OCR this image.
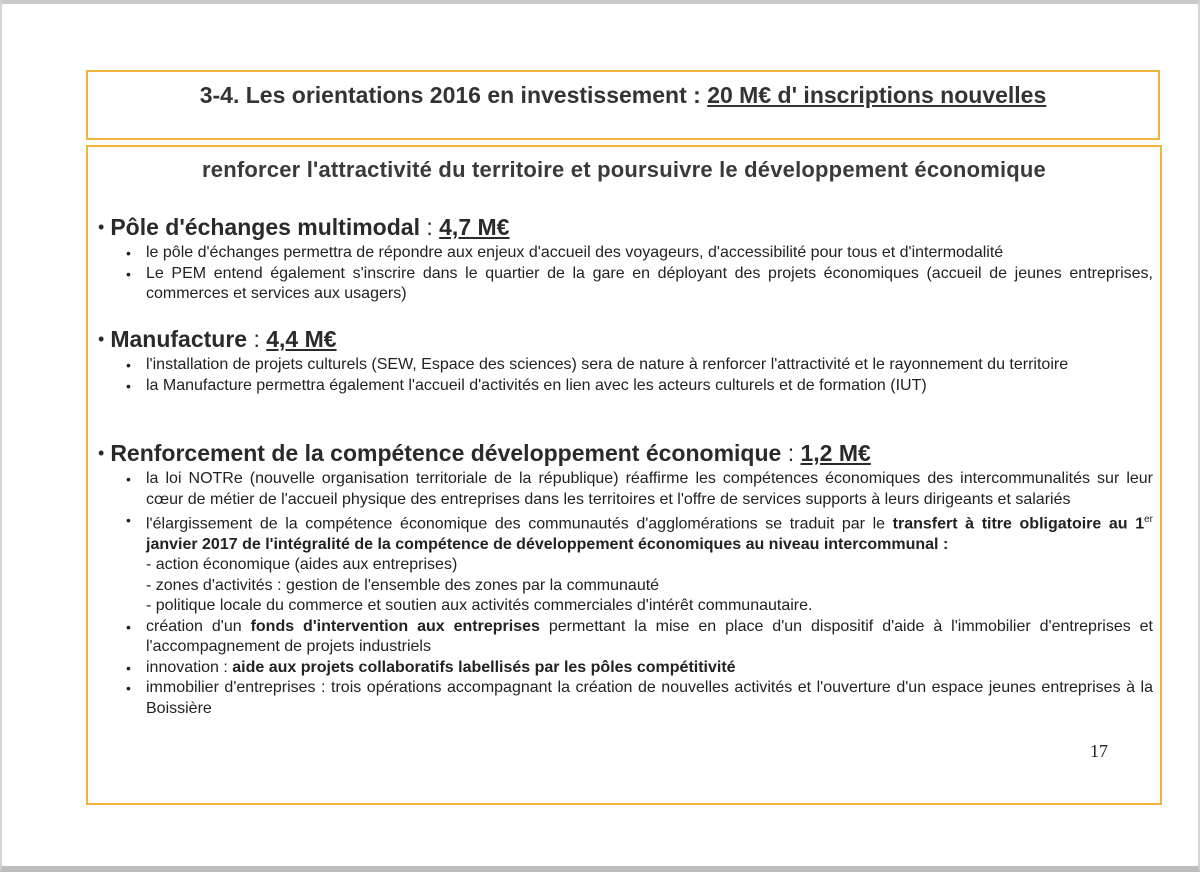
3-4. Les orientations 2016 en investissement : 20 M€ d' inscriptions nouvelles
renforcer l'attractivité du territoire et poursuivre le développement économique
• Pôle d'échanges multimodal : 4,7 M€
• le pôle d'échanges permettra de répondre aux enjeux d'accueil des voyageurs, d'accessibilité pour tous et d'intermodalité
• Le PEM entend également s'inscrire dans le quartier de la gare en déployant des projets économiques (accueil de jeunes entreprises, commerces et services aux usagers)
• Manufacture : 4,4 M€
• l'installation de projets culturels (SEW, Espace des sciences) sera de nature à renforcer l'attractivité et le rayonnement du territoire
• la Manufacture permettra également l'accueil d'activités en lien avec les acteurs culturels et de formation (IUT)
• Renforcement de la compétence développement économique : 1,2 M€
• la loi NOTRe (nouvelle organisation territoriale de la république) réaffirme les compétences économiques des intercommunalités sur leur cœur de métier de l'accueil physique des entreprises dans les territoires et l'offre de services supports à leurs dirigeants et salariés
• l'élargissement de la compétence économique des communautés d'agglomérations se traduit par le transfert à titre obligatoire au 1er janvier 2017 de l'intégralité de la compétence de développement économiques au niveau intercommunal :
- action économique (aides aux entreprises)
- zones d'activités : gestion de l'ensemble des zones par la communauté
- politique locale du commerce et soutien aux activités commerciales d'intérêt communautaire.
• création d'un fonds d'intervention aux entreprises permettant la mise en place d'un dispositif d'aide à l'immobilier d'entreprises et l'accompagnement de projets industriels
• innovation : aide aux projets collaboratifs labellisés par les pôles compétitivité
• immobilier d'entreprises : trois opérations accompagnant la création de nouvelles activités et l'ouverture d'un espace jeunes entreprises à la Boissière
17
